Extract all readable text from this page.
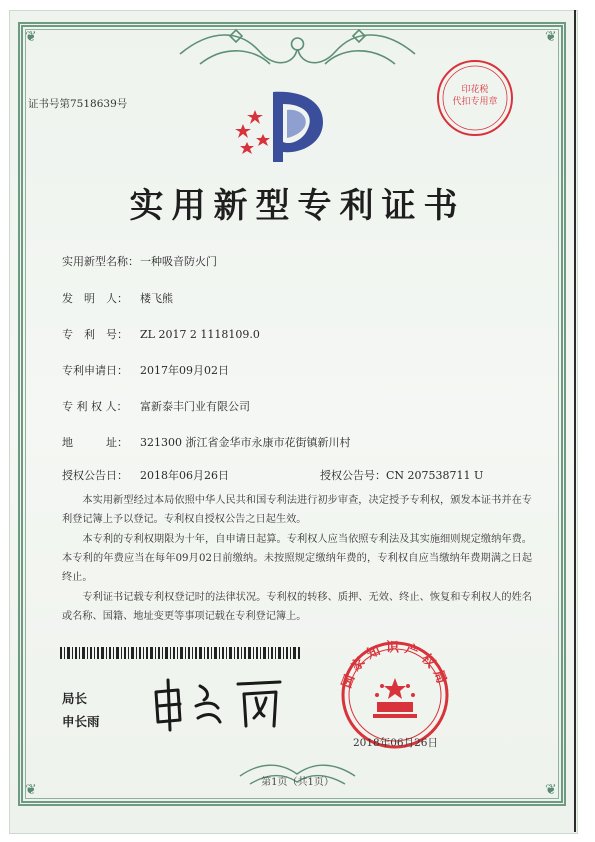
❦	❦
❦	❦
证书号第7518639号
印花税
代扣专用章
实用新型专利证书
实用新型名称：一种吸音防火门
发　明　人： 楼飞熊
专　利　号： ZL 2017 2 1118109.0
专利申请日： 2017年09月02日
专 利 权 人： 富新泰丰门业有限公司
地　　　址： 321300 浙江省金华市永康市花街镇新川村
授权公告日： 2018年06月26日	授权公告号：CN 207538711 U
本实用新型经过本局依照中华人民共和国专利法进行初步审查，决定授予专利权，颁发本证书并在专利登记簿上予以登记。专利权自授权公告之日起生效。
本专利的专利权期限为十年，自申请日起算。专利权人应当依照专利法及其实施细则规定缴纳年费。本专利的年费应当在每年09月02日前缴纳。未按照规定缴纳年费的，专利权自应当缴纳年费期满之日起终止。
专利证书记载专利权登记时的法律状况。专利权的转移、质押、无效、终止、恢复和专利权人的姓名或名称、国籍、地址变更等事项记载在专利登记簿上。
局长
申长雨
国家知识产权局
2018年06月26日
第1页（共1页）
